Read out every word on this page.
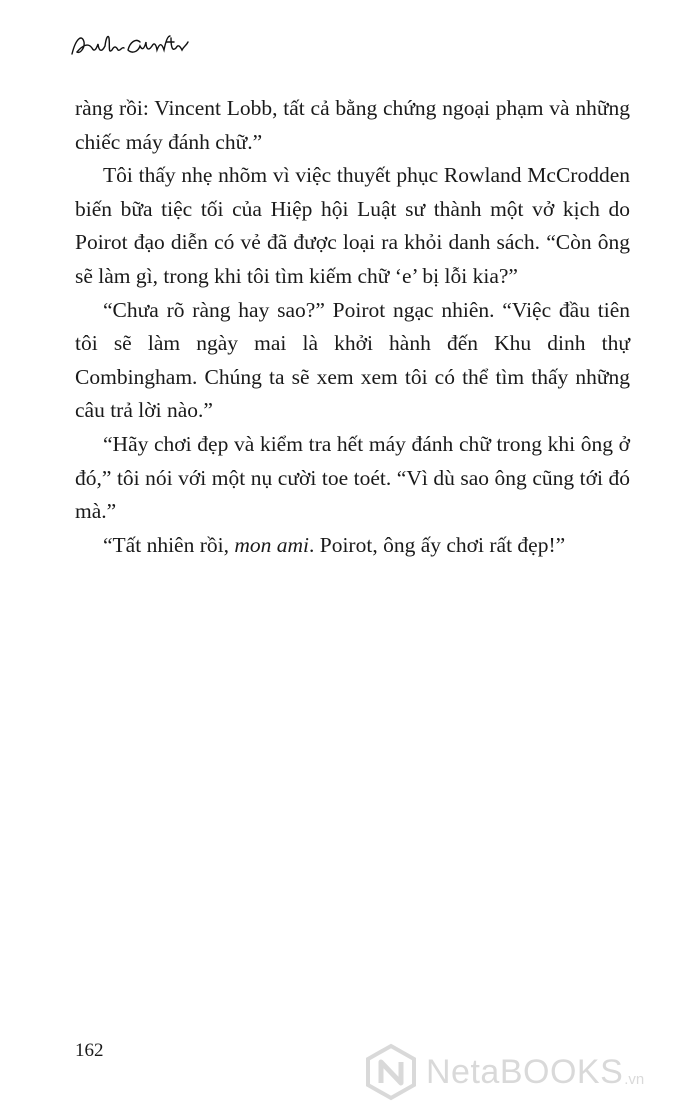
ràng rồi: Vincent Lobb, tất cả bằng chứng ngoại phạm và những chiếc máy đánh chữ.”

Tôi thấy nhẹ nhõm vì việc thuyết phục Rowland McCrodden biến bữa tiệc tối của Hiệp hội Luật sư thành một vở kịch do Poirot đạo diễn có vẻ đã được loại ra khỏi danh sách. “Còn ông sẽ làm gì, trong khi tôi tìm kiếm chữ ‘e’ bị lỗi kia?”

“Chưa rõ ràng hay sao?” Poirot ngạc nhiên. “Việc đầu tiên tôi sẽ làm ngày mai là khởi hành đến Khu dinh thự Combingham. Chúng ta sẽ xem xem tôi có thể tìm thấy những câu trả lời nào.”

“Hãy chơi đẹp và kiểm tra hết máy đánh chữ trong khi ông ở đó,” tôi nói với một nụ cười toe toét. “Vì dù sao ông cũng tới đó mà.”

“Tất nhiên rồi, mon ami. Poirot, ông ấy chơi rất đẹp!”

162
NetaBOOKS .vn
